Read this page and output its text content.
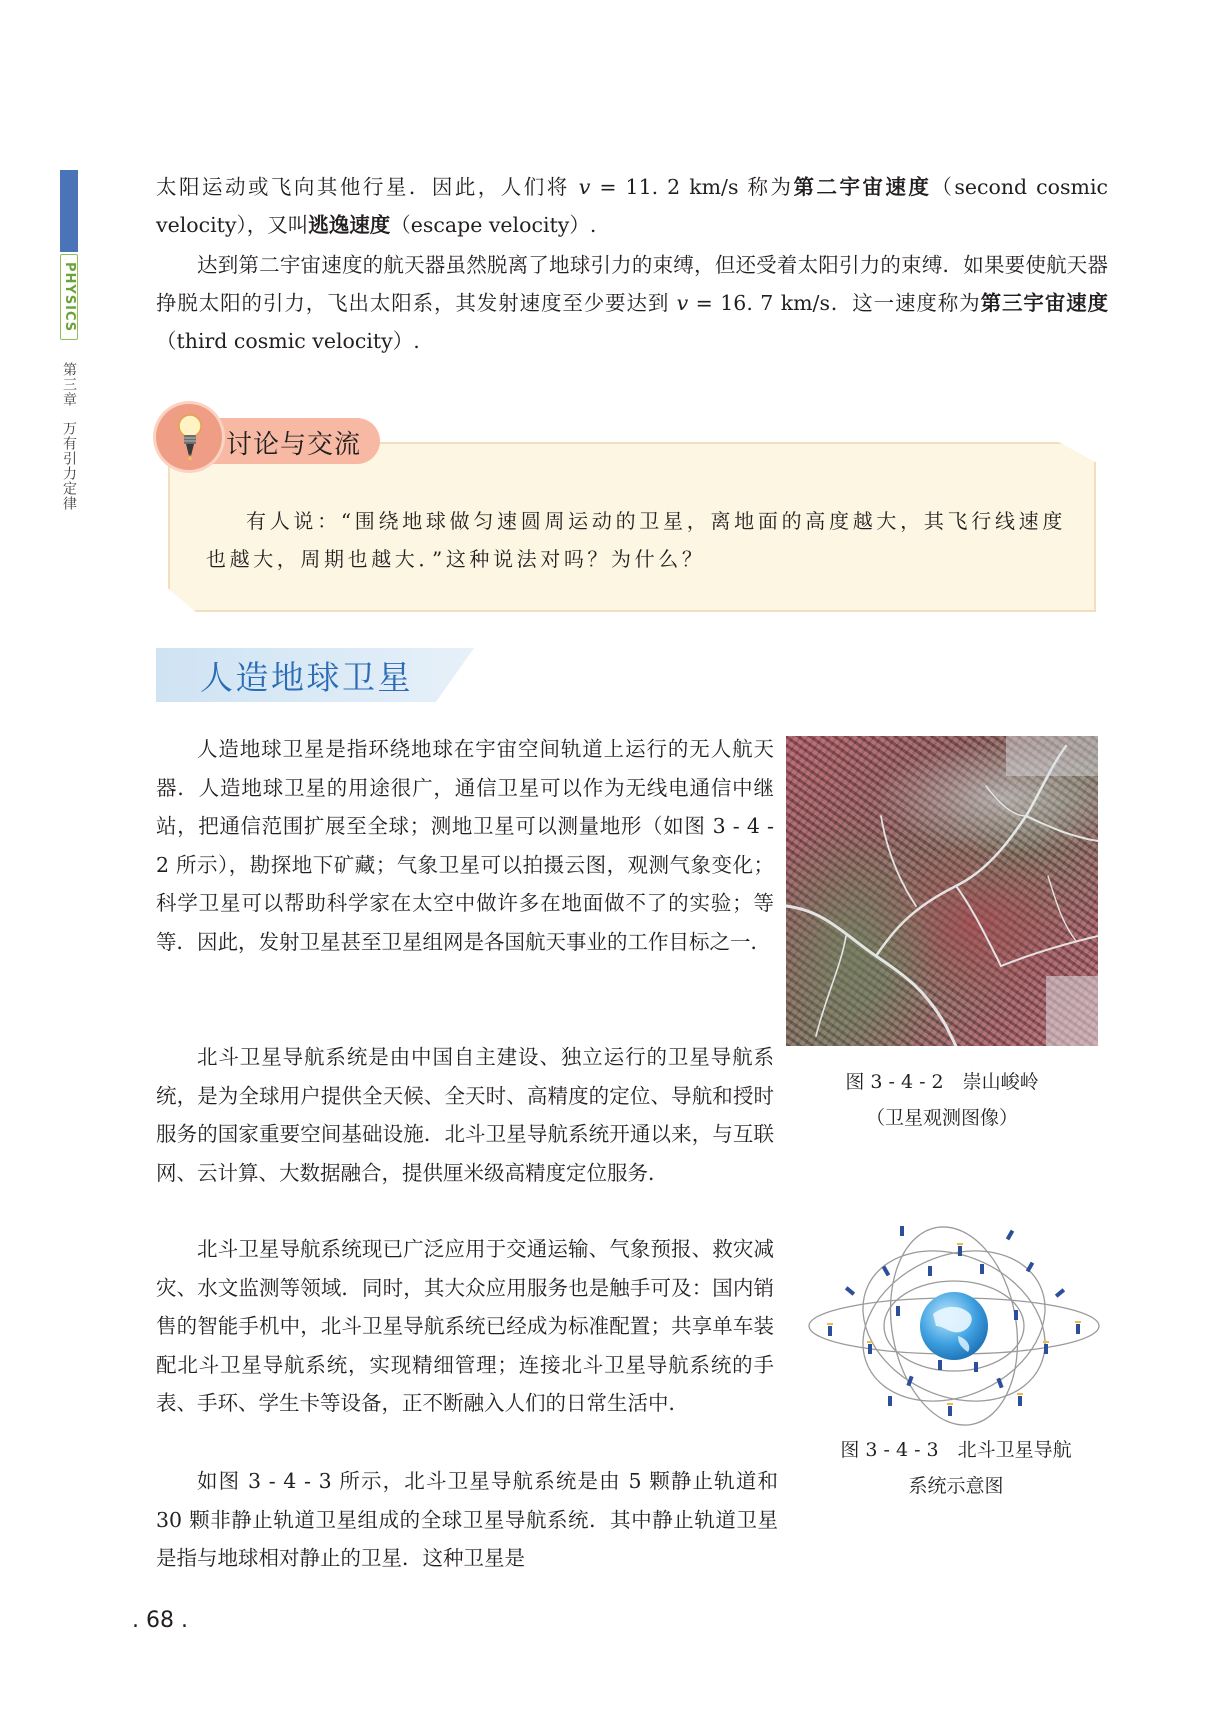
PHYSICS
第三章万有引力定律
太阳运动或飞向其他行星．因此，人们将 v = 11. 2 km/s 称为第二宇宙速度（second cosmic velocity），又叫逃逸速度（escape velocity）.
达到第二宇宙速度的航天器虽然脱离了地球引力的束缚，但还受着太阳引力的束缚．如果要使航天器挣脱太阳的引力，飞出太阳系，其发射速度至少要达到 v = 16. 7 km/s．这一速度称为第三宇宙速度（third cosmic velocity）.
讨论与交流
有人说：“围绕地球做匀速圆周运动的卫星，离地面的高度越大，其飞行线速度也越大，周期也越大．”这种说法对吗？为什么？
人造地球卫星
人造地球卫星是指环绕地球在宇宙空间轨道上运行的无人航天器．人造地球卫星的用途很广，通信卫星可以作为无线电通信中继站，把通信范围扩展至全球；测地卫星可以测量地形（如图 3 - 4 - 2 所示），勘探地下矿藏；气象卫星可以拍摄云图，观测气象变化；科学卫星可以帮助科学家在太空中做许多在地面做不了的实验；等等．因此，发射卫星甚至卫星组网是各国航天事业的工作目标之一．
北斗卫星导航系统是由中国自主建设、独立运行的卫星导航系统，是为全球用户提供全天候、全天时、高精度的定位、导航和授时服务的国家重要空间基础设施．北斗卫星导航系统开通以来，与互联网、云计算、大数据融合，提供厘米级高精度定位服务．
北斗卫星导航系统现已广泛应用于交通运输、气象预报、救灾减灾、水文监测等领域．同时，其大众应用服务也是触手可及：国内销售的智能手机中，北斗卫星导航系统已经成为标准配置；共享单车装配北斗卫星导航系统，实现精细管理；连接北斗卫星导航系统的手表、手环、学生卡等设备，正不断融入人们的日常生活中．
如图 3 - 4 - 3 所示，北斗卫星导航系统是由 5 颗静止轨道和 30 颗非静止轨道卫星组成的全球卫星导航系统．其中静止轨道卫星是指与地球相对静止的卫星．这种卫星是
图 3 - 4 - 2　崇山峻岭
（卫星观测图像）
图 3 - 4 - 3　北斗卫星导航
系统示意图
. 68 .
